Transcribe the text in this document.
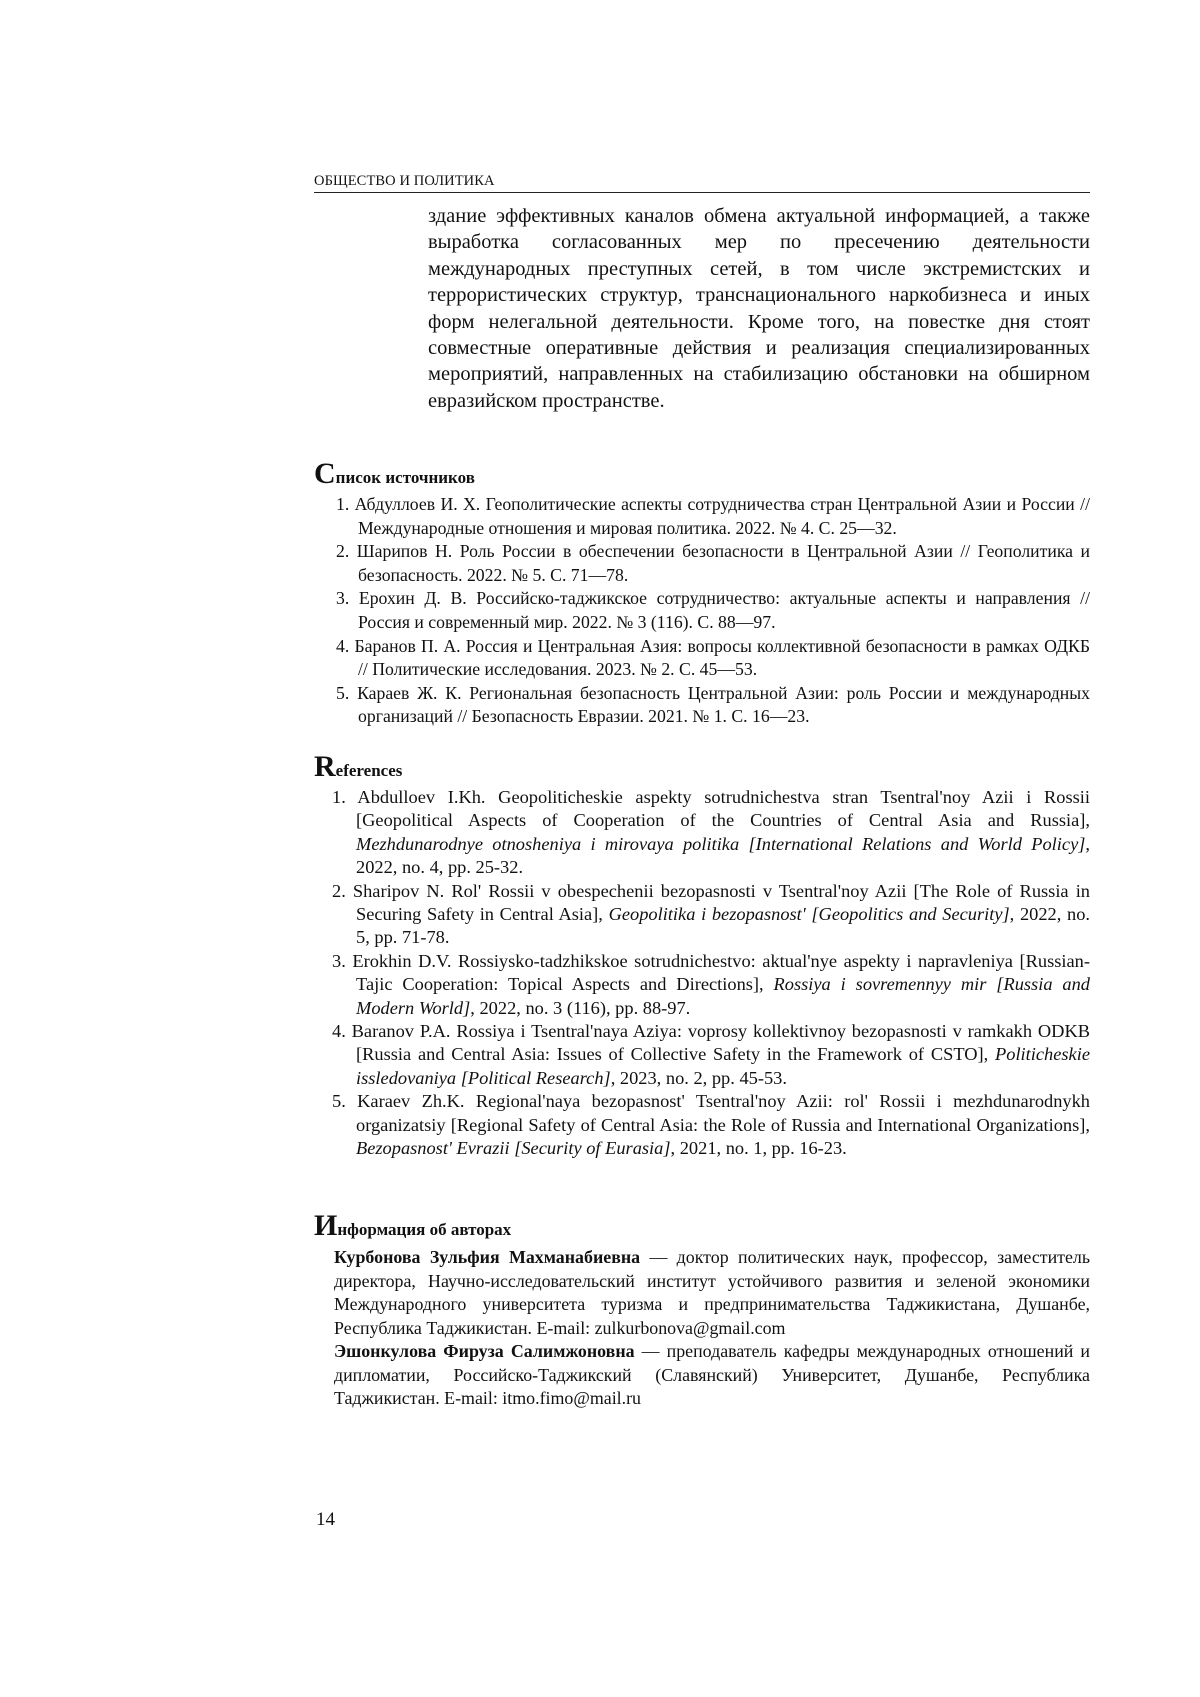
ОБЩЕСТВО И ПОЛИТИКА

здание эффективных каналов обмена актуальной информацией, а также выработка согласованных мер по пресечению деятельности международных преступных сетей, в том числе экстремистских и террористических структур, транснационального наркобизнеса и иных форм нелегальной деятельности. Кроме того, на повестке дня стоят совместные оперативные действия и реализация специализированных мероприятий, направленных на стабилизацию обстановки на обширном евразийском пространстве.

Список источников
1. Абдуллоев И. Х. Геополитические аспекты сотрудничества стран Центральной Азии и России // Международные отношения и мировая политика. 2022. № 4. С. 25—32.
2. Шарипов Н. Роль России в обеспечении безопасности в Центральной Азии // Геополитика и безопасность. 2022. № 5. С. 71—78.
3. Ерохин Д. В. Российско-таджикское сотрудничество: актуальные аспекты и направления // Россия и современный мир. 2022. № 3 (116). С. 88—97.
4. Баранов П. А. Россия и Центральная Азия: вопросы коллективной безопасности в рамках ОДКБ // Политические исследования. 2023. № 2. С. 45—53.
5. Караев Ж. К. Региональная безопасность Центральной Азии: роль России и международных организаций // Безопасность Евразии. 2021. № 1. С. 16—23.
References
1. Abdulloev I.Kh. Geopoliticheskie aspekty sotrudnichestva stran Tsentral'noy Azii i Rossii [Geopolitical Aspects of Cooperation of the Countries of Central Asia and Russia], Mezhdunarodnye otnosheniya i mirovaya politika [International Relations and World Policy], 2022, no. 4, pp. 25-32.
2. Sharipov N. Rol' Rossii v obespechenii bezopasnosti v Tsentral'noy Azii [The Role of Russia in Securing Safety in Central Asia], Geopolitika i bezopasnost' [Geopolitics and Security], 2022, no. 5, pp. 71-78.
3. Erokhin D.V. Rossiysko-tadzhikskoe sotrudnichestvo: aktual'nye aspekty i napravleniya [Russian-Tajic Cooperation: Topical Aspects and Directions], Rossiya i sovremennyy mir [Russia and Modern World], 2022, no. 3 (116), pp. 88-97.
4. Baranov P.A. Rossiya i Tsentral'naya Aziya: voprosy kollektivnoy bezopasnosti v ramkakh ODKB [Russia and Central Asia: Issues of Collective Safety in the Framework of CSTO], Politicheskie issledovaniya [Political Research], 2023, no. 2, pp. 45-53.
5. Karaev Zh.K. Regional'naya bezopasnost' Tsentral'noy Azii: rol' Rossii i mezhdunarodnykh organizatsiy [Regional Safety of Central Asia: the Role of Russia and International Organizations], Bezopasnost' Evrazii [Security of Eurasia], 2021, no. 1, pp. 16-23.
Информация об авторах

Курбонова Зульфия Махманабиевна — доктор политических наук, профессор, заместитель директора, Научно-исследовательский институт устойчивого развития и зеленой экономики Международного университета туризма и предпринимательства Таджикистана, Душанбе, Республика Таджикистан. E-mail: zulkurbonova@gmail.com

Эшонкулова Фируза Салимжоновна — преподаватель кафедры международных отношений и дипломатии, Российско-Таджикский (Славянский) Университет, Душанбе, Республика Таджикистан. E-mail: itmo.fimo@mail.ru

14
